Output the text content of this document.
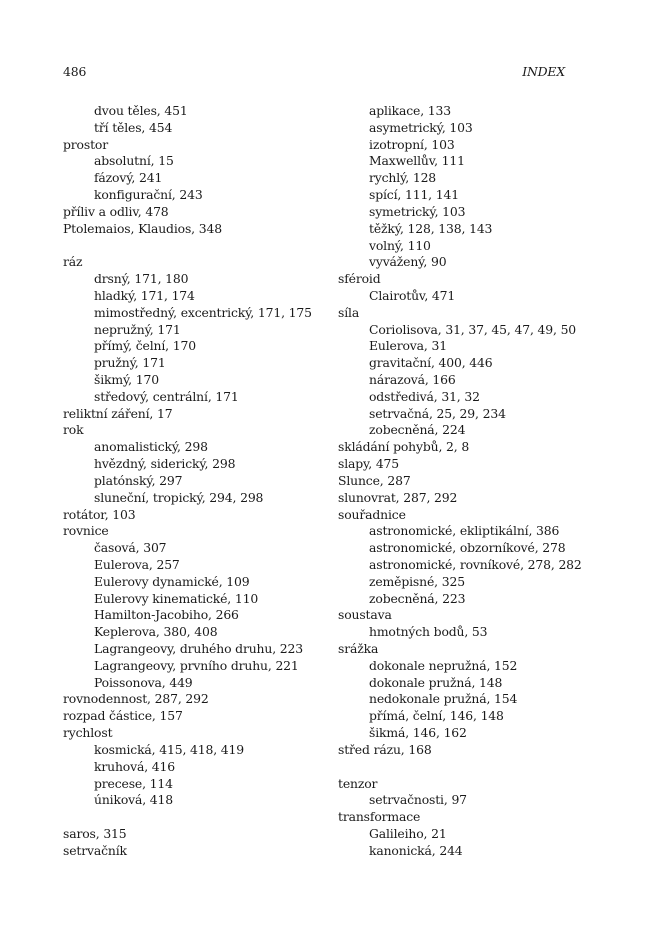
486	INDEX
dvou těles, 451
tří těles, 454
prostor
absolutní, 15
fázový, 241
konfigurační, 243
příliv a odliv, 478
Ptolemaios, Klaudios, 348
ráz
drsný, 171, 180
hladký, 171, 174
mimostředný, excentrický, 171, 175
nepružný, 171
přímý, čelní, 170
pružný, 171
šikmý, 170
středový, centrální, 171
reliktní záření, 17
rok
anomalistický, 298
hvězdný, siderický, 298
platónský, 297
sluneční, tropický, 294, 298
rotátor, 103
rovnice
časová, 307
Eulerova, 257
Eulerovy dynamické, 109
Eulerovy kinematické, 110
Hamilton-Jacobiho, 266
Keplerova, 380, 408
Lagrangeovy, druhého druhu, 223
Lagrangeovy, prvního druhu, 221
Poissonova, 449
rovnodennost, 287, 292
rozpad částice, 157
rychlost
kosmická, 415, 418, 419
kruhová, 416
precese, 114
úniková, 418
saros, 315
setrvačník
aplikace, 133
asymetrický, 103
izotropní, 103
Maxwellův, 111
rychlý, 128
spící, 111, 141
symetrický, 103
těžký, 128, 138, 143
volný, 110
vyvážený, 90
sféroid
Clairotův, 471
síla
Coriolisova, 31, 37, 45, 47, 49, 50
Eulerova, 31
gravitační, 400, 446
nárazová, 166
odstředivá, 31, 32
setrvačná, 25, 29, 234
zobecněná, 224
skládání pohybů, 2, 8
slapy, 475
Slunce, 287
slunovrat, 287, 292
souřadnice
astronomické, ekliptikální, 386
astronomické, obzorníkové, 278
astronomické, rovníkové, 278, 282
zeměpisné, 325
zobecněná, 223
soustava
hmotných bodů, 53
srážka
dokonale nepružná, 152
dokonale pružná, 148
nedokonale pružná, 154
přímá, čelní, 146, 148
šikmá, 146, 162
střed rázu, 168
tenzor
setrvačnosti, 97
transformace
Galileiho, 21
kanonická, 244
